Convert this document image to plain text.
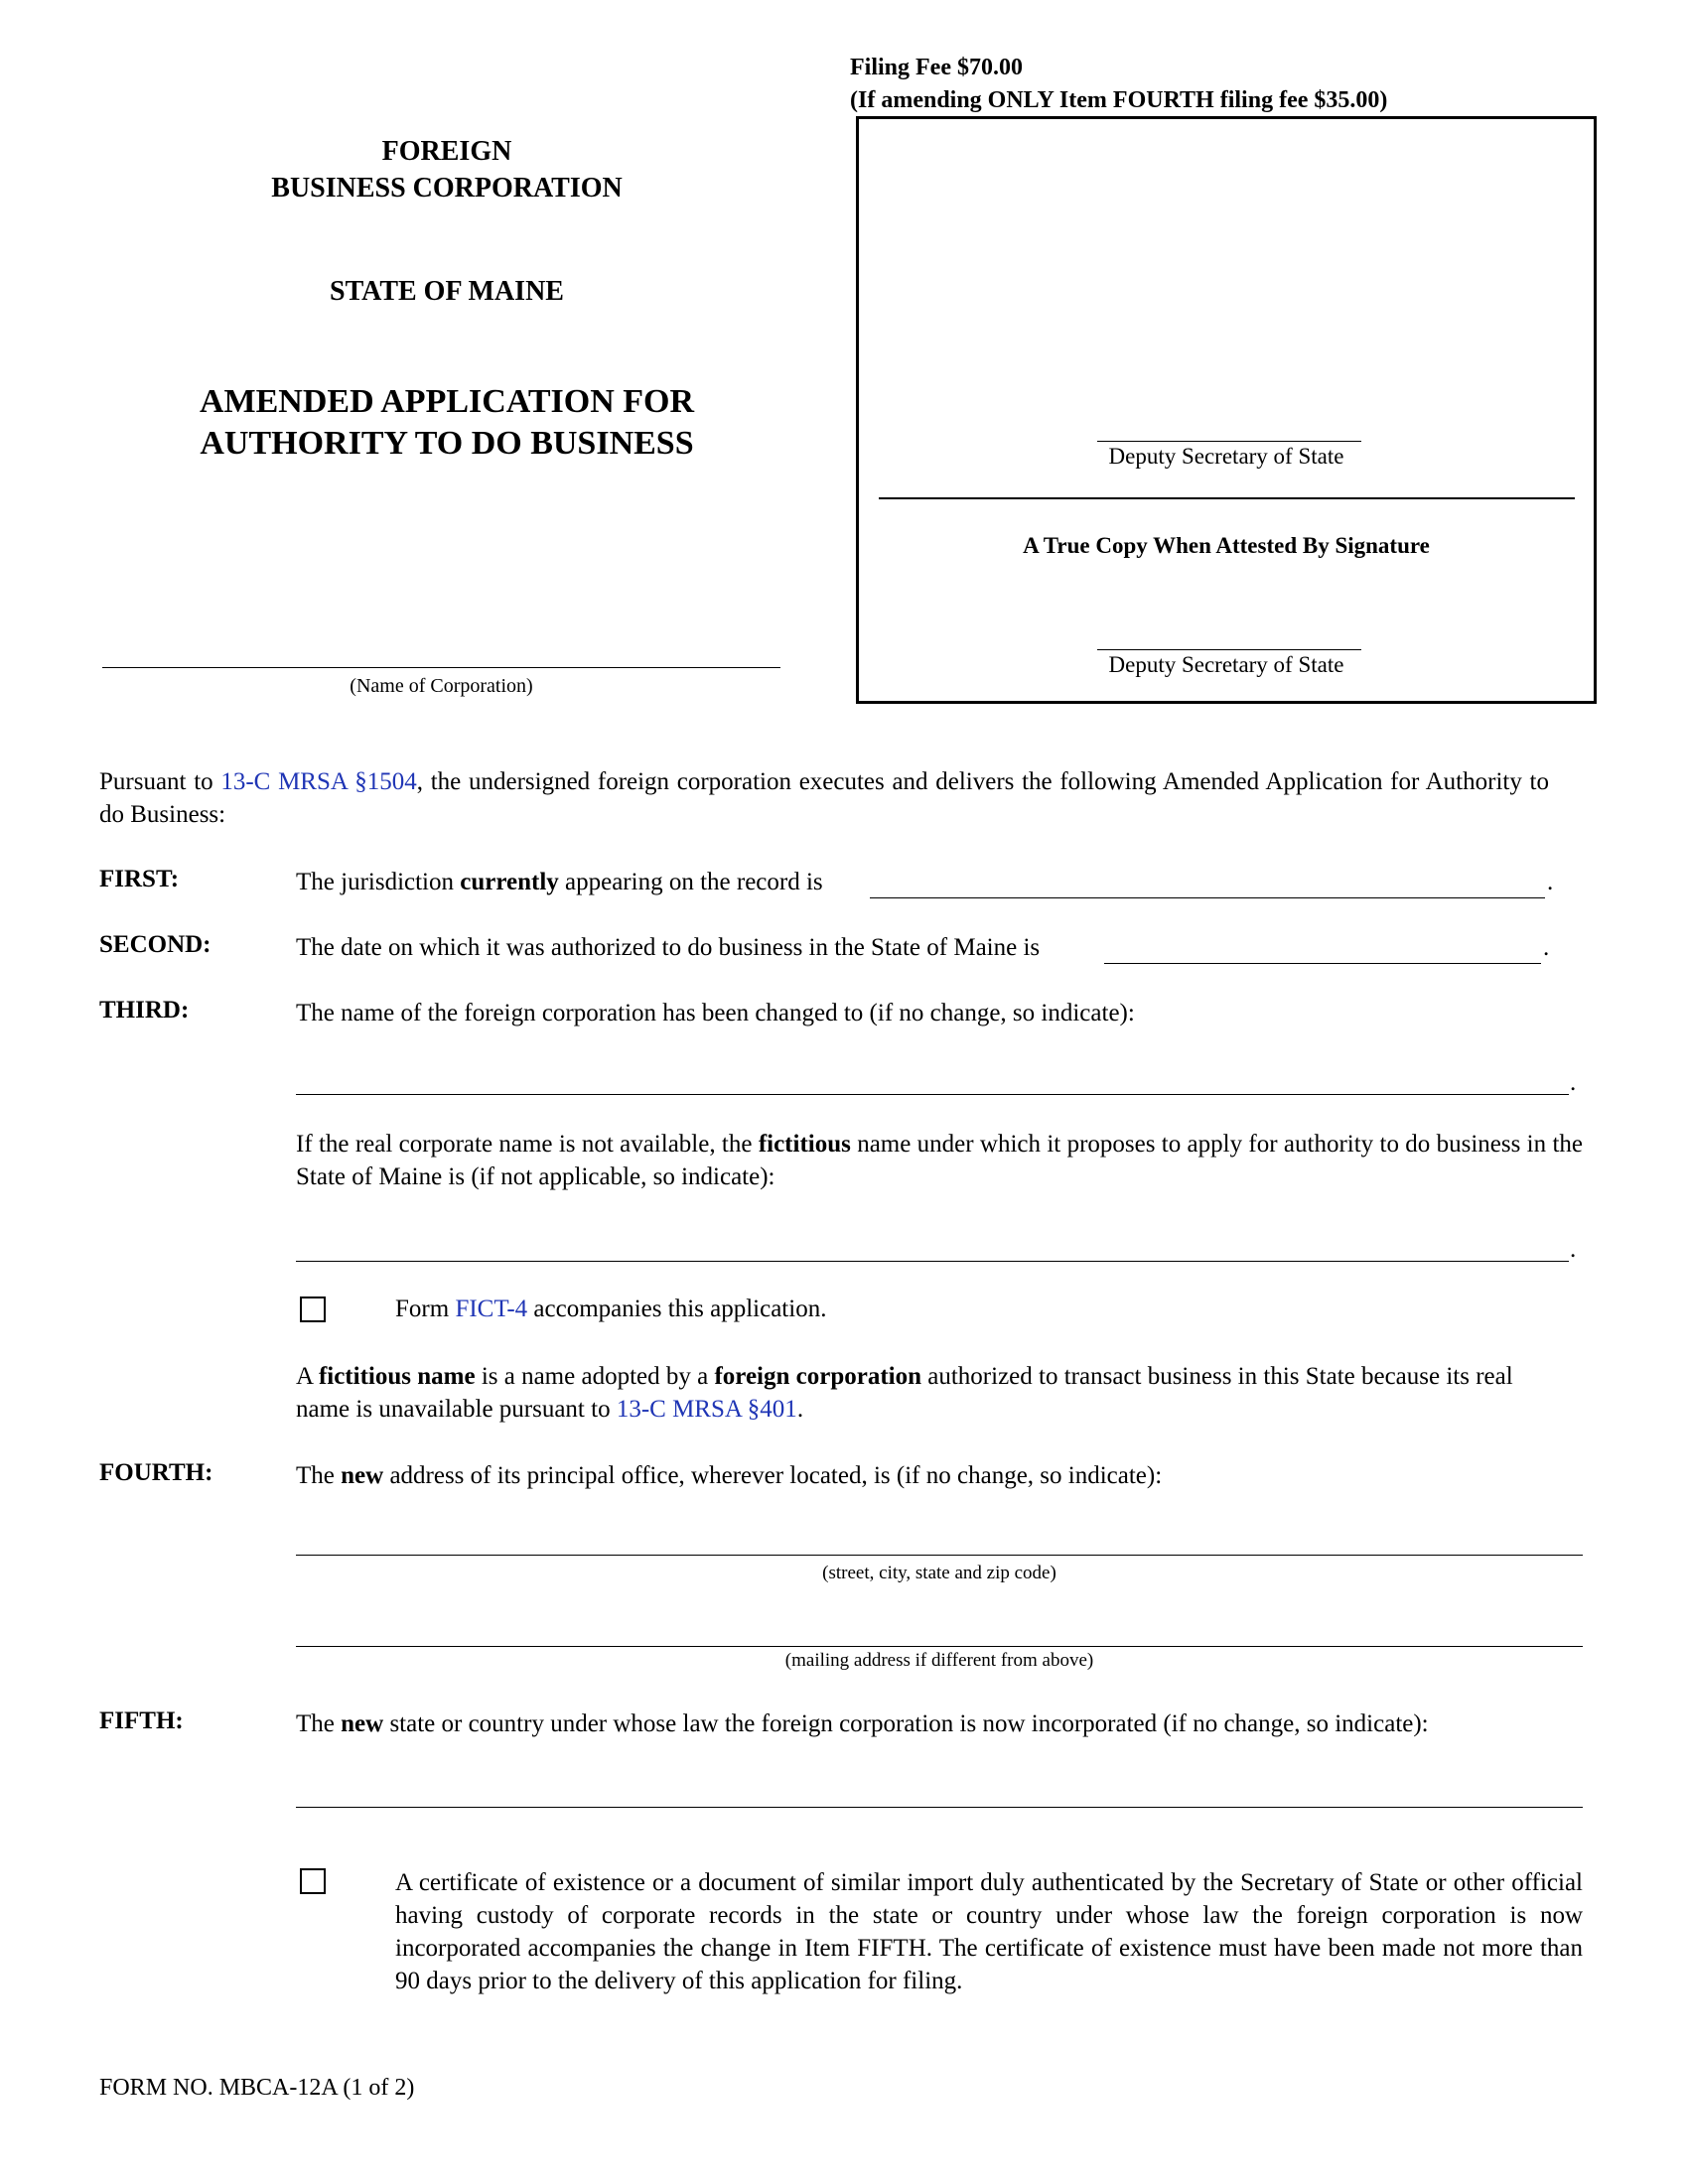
Filing Fee $70.00
(If amending ONLY Item FOURTH filing fee $35.00)
FOREIGN
BUSINESS CORPORATION
STATE OF MAINE
AMENDED APPLICATION FOR
AUTHORITY TO DO BUSINESS
(Name of Corporation)
Deputy Secretary of State
A True Copy When Attested By Signature
Deputy Secretary of State
Pursuant to 13-C MRSA §1504, the undersigned foreign corporation executes and delivers the following Amended Application for Authority to do Business:
FIRST:	The jurisdiction currently appearing on the record is	.
SECOND:	The date on which it was authorized to do business in the State of Maine is	.
THIRD:	The name of the foreign corporation has been changed to (if no change, so indicate):
.
If the real corporate name is not available, the fictitious name under which it proposes to apply for authority to do business in the State of Maine is (if not applicable, so indicate):
.
Form FICT-4 accompanies this application.
A fictitious name is a name adopted by a foreign corporation authorized to transact business in this State because its real name is unavailable pursuant to 13-C MRSA §401.
FOURTH:	The new address of its principal office, wherever located, is (if no change, so indicate):
(street, city, state and zip code)
(mailing address if different from above)
FIFTH:	The new state or country under whose law the foreign corporation is now incorporated (if no change, so indicate):
A certificate of existence or a document of similar import duly authenticated by the Secretary of State or other official having custody of corporate records in the state or country under whose law the foreign corporation is now incorporated accompanies the change in Item FIFTH. The certificate of existence must have been made not more than 90 days prior to the delivery of this application for filing.
FORM NO. MBCA-12A (1 of 2)
